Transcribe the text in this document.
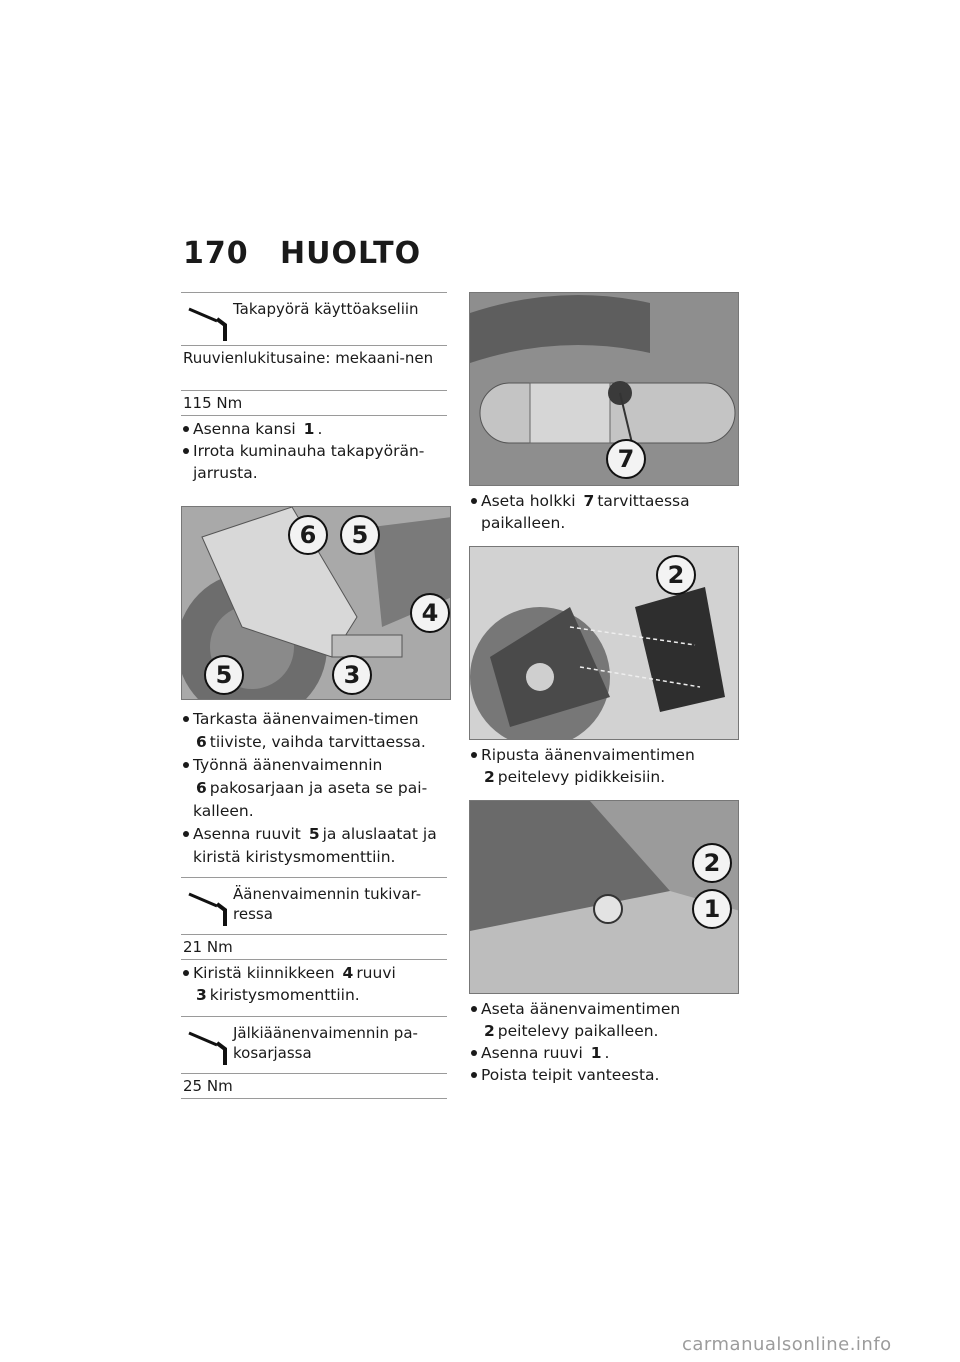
170 HUOLTO
Takapyörä käyttöakseliin
Ruuvienlukitusaine: mekaani-nen
115 Nm
Asenna kansi 1 .
Irrota kuminauha takapyörän-jarrusta.
6	5
4
5	3
Tarkasta äänenvaimen-timen 6 tiiviste, vaihda tarvittaessa.
Työnnä äänenvaimennin 6 pakosarjaan ja aseta se pai-kalleen.
Asenna ruuvit 5 ja aluslaatat ja kiristä kiristysmomenttiin.
Äänenvaimennin tukivar-ressa
21 Nm
Kiristä kiinnikkeen 4 ruuvi 3 kiristysmomenttiin.
Jälkiäänenvaimennin pa-kosarjassa
25 Nm
7
Aseta holkki 7 tarvittaessa paikalleen.
2
Ripusta äänenvaimentimen 2 peitelevy pidikkeisiin.
2
1
Aseta äänenvaimentimen 2 peitelevy paikalleen.
Asenna ruuvi 1 .
Poista teipit vanteesta.
carmanualsonline.info
